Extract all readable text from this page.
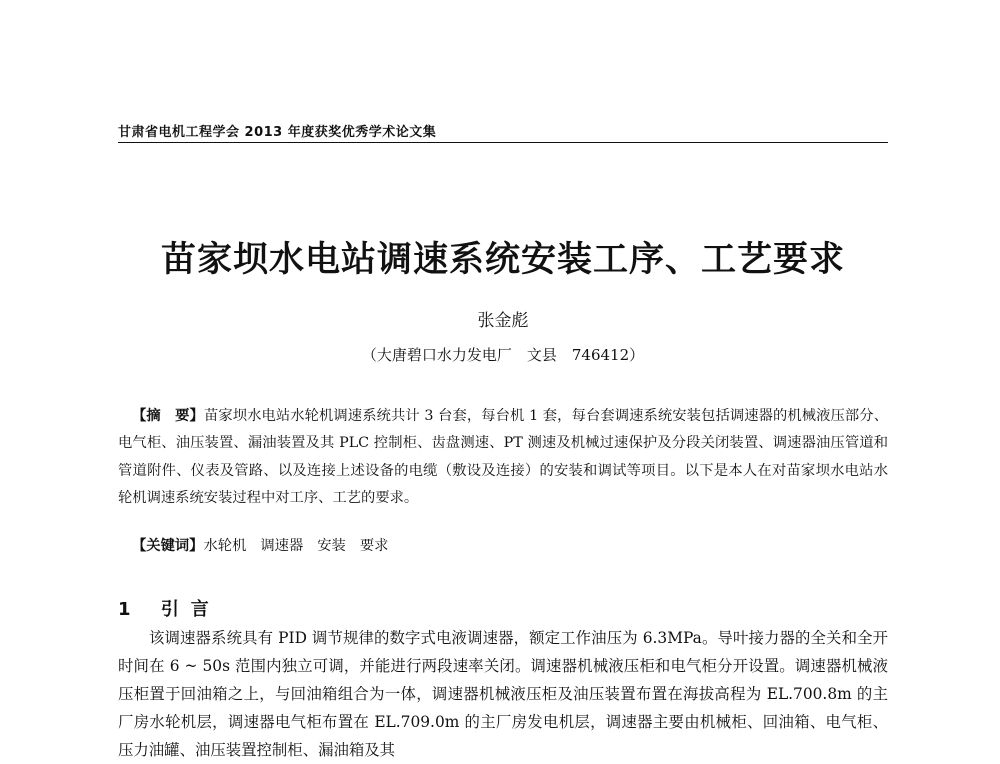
甘肃省电机工程学会 2013 年度获奖优秀学术论文集
苗家坝水电站调速系统安装工序、工艺要求
张金彪
（大唐碧口水力发电厂　文县　746412）

【摘　要】苗家坝水电站水轮机调速系统共计 3 台套，每台机 1 套，每台套调速系统安装包括调速器的机械液压部分、电气柜、油压装置、漏油装置及其 PLC 控制柜、齿盘测速、PT 测速及机械过速保护及分段关闭装置、调速器油压管道和管道附件、仪表及管路、以及连接上述设备的电缆（敷设及连接）的安装和调试等项目。以下是本人在对苗家坝水电站水轮机调速系统安装过程中对工序、工艺的要求。

【关键词】水轮机 调速器 安装 要求

1 引言

该调速器系统具有 PID 调节规律的数字式电液调速器，额定工作油压为 6.3MPa。导叶接力器的全关和全开时间在 6 ~ 50s 范围内独立可调，并能进行两段速率关闭。调速器机械液压柜和电气柜分开设置。调速器机械液压柜置于回油箱之上，与回油箱组合为一体，调速器机械液压柜及油压装置布置在海拔高程为 EL.700.8m 的主厂房水轮机层，调速器电气柜布置在 EL.709.0m 的主厂房发电机层，调速器主要由机械柜、回油箱、电气柜、压力油罐、油压装置控制柜、漏油箱及其
